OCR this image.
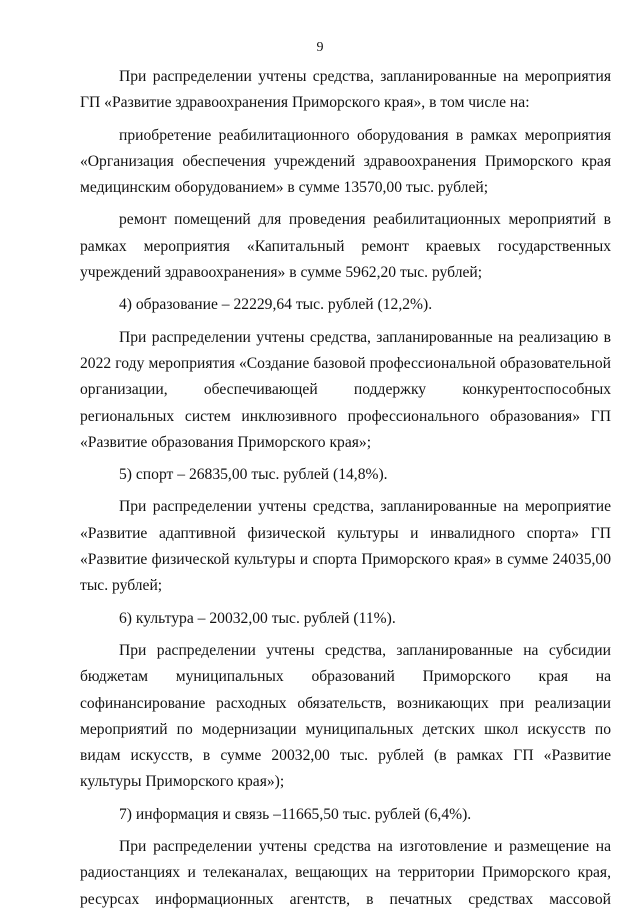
9

При распределении учтены средства, запланированные на мероприятия ГП «Развитие здравоохранения Приморского края», в том числе на:

приобретение реабилитационного оборудования в рамках мероприятия «Организация обеспечения учреждений здравоохранения Приморского края медицинским оборудованием» в сумме 13570,00 тыс. рублей;

ремонт помещений для проведения реабилитационных мероприятий в рамках мероприятия «Капитальный ремонт краевых государственных учреждений здравоохранения» в сумме 5962,20 тыс. рублей;

4) образование – 22229,64 тыс. рублей (12,2%).

При распределении учтены средства, запланированные на реализацию в 2022 году мероприятия «Создание базовой профессиональной образовательной организации, обеспечивающей поддержку конкурентоспособных региональных систем инклюзивного профессионального образования» ГП «Развитие образования Приморского края»;

5) спорт – 26835,00 тыс. рублей (14,8%).

При распределении учтены средства, запланированные на мероприятие «Развитие адаптивной физической культуры и инвалидного спорта» ГП «Развитие физической культуры и спорта Приморского края» в сумме 24035,00 тыс. рублей;

6) культура – 20032,00 тыс. рублей (11%).

При распределении учтены средства, запланированные на субсидии бюджетам муниципальных образований Приморского края на софинансирование расходных обязательств, возникающих при реализации мероприятий по модернизации муниципальных детских школ искусств по видам искусств, в сумме 20032,00 тыс. рублей (в рамках ГП «Развитие культуры Приморского края»);

7) информация и связь –11665,50 тыс. рублей (6,4%).

При распределении учтены средства на изготовление и размещение на радиостанциях и телеканалах, вещающих на территории Приморского края, ресурсах информационных агентств, в печатных средствах массовой
